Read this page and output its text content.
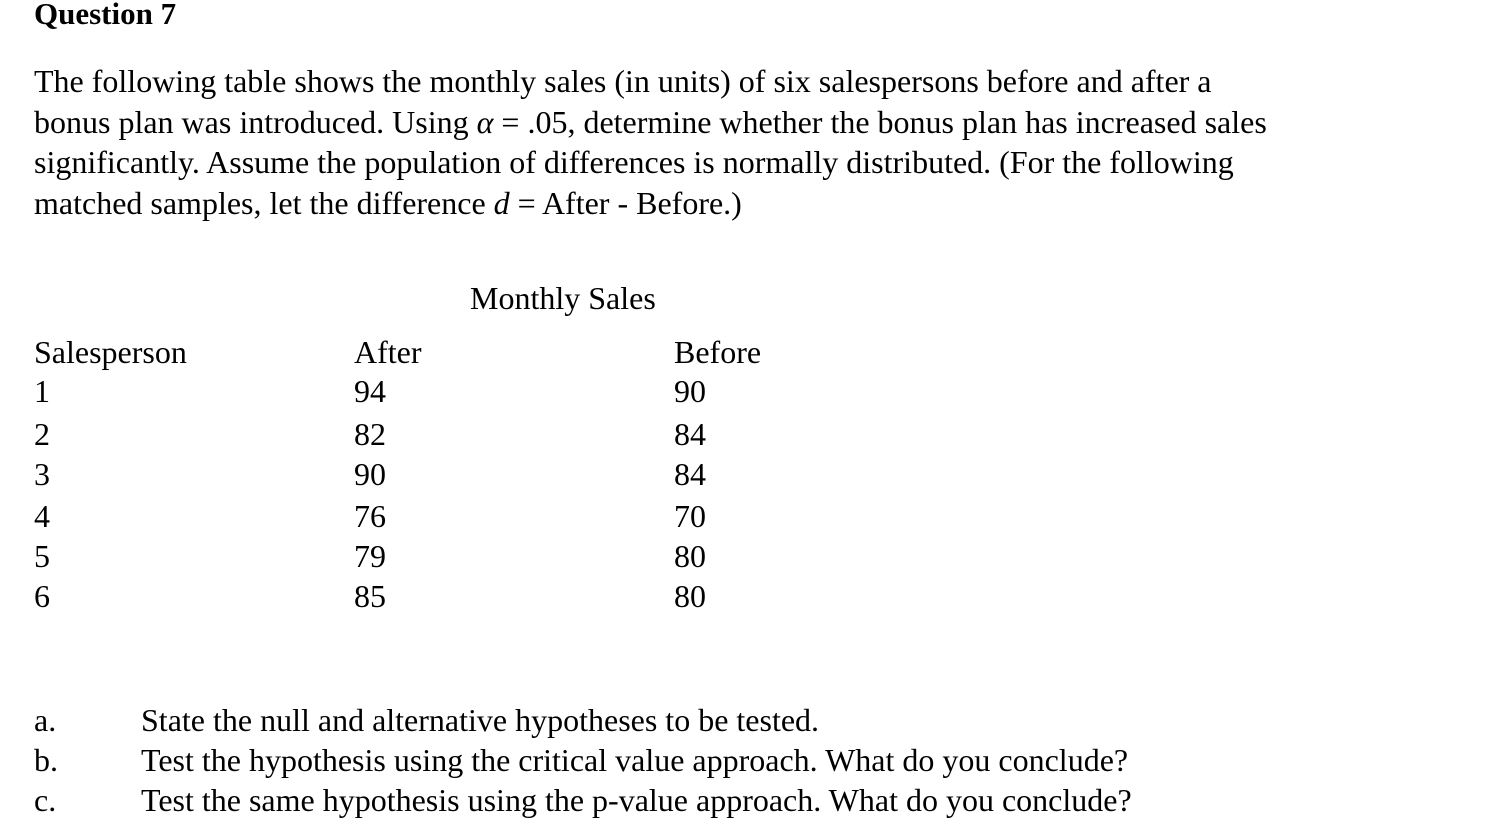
Question 7
The following table shows the monthly sales (in units) of six salespersons before and after a
bonus plan was introduced. Using α = .05, determine whether the bonus plan has increased sales
significantly. Assume the population of differences is normally distributed. (For the following
matched samples, let the difference d = After - Before.)
Monthly Sales
Salesperson	After	Before
1	94	90
2	82	84
3	90	84
4	76	70
5	79	80
6	85	80
a.	State the null and alternative hypotheses to be tested.
b.	Test the hypothesis using the critical value approach. What do you conclude?
c.	Test the same hypothesis using the p-value approach. What do you conclude?
